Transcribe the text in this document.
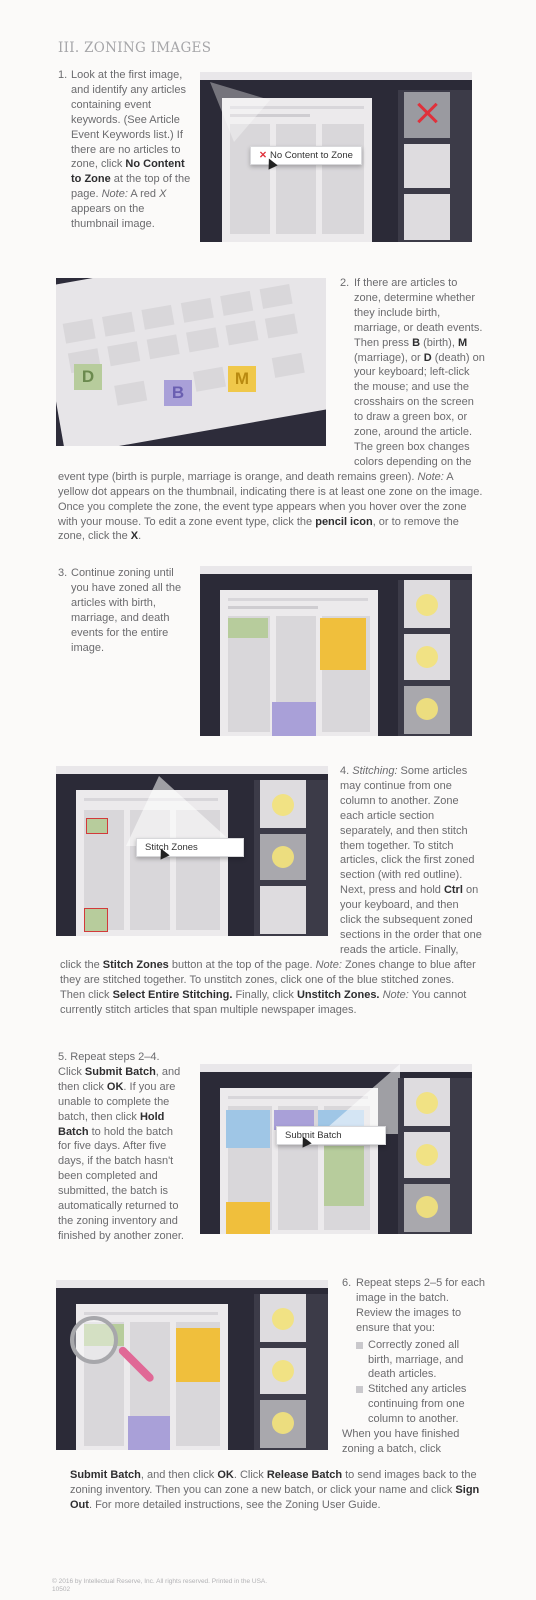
III. ZONING IMAGES
1. Look at the first image, and identify any articles containing event keywords. (See Article Event Keywords list.) If there are no articles to zone, click No Content to Zone at the top of the page. Note: A red X appears on the thumbnail image.
✕ No Content to Zone
D
B
M
2. If there are articles to zone, determine whether they include birth, marriage, or death events. Then press B (birth), M (marriage), or D (death) on your keyboard; left-click the mouse; and use the crosshairs on the screen to draw a green box, or zone, around the article. The green box changes colors depending on the event type (birth is purple, marriage is orange, and death remains green). Note: A yellow dot appears on the thumbnail, indicating there is at least one zone on the image. Once you complete the zone, the event type appears when you hover over the zone with your mouse. To edit a zone event type, click the pencil icon, or to remove the zone, click the X.
3. Continue zoning until you have zoned all the articles with birth, marriage, and death events for the entire image.
Stitch Zones
4. Stitching: Some articles may continue from one column to another. Zone each article section separately, and then stitch them together. To stitch articles, click the first zoned section (with red outline). Next, press and hold Ctrl on your keyboard, and then click the subsequent zoned sections in the order that one reads the article. Finally, click the Stitch Zones button at the top of the page. Note: Zones change to blue after they are stitched together. To unstitch zones, click one of the blue stitched zones. Then click Select Entire Stitching. Finally, click Unstitch Zones. Note: You cannot currently stitch articles that span multiple newspaper images.
5. Repeat steps 2–4. Click Submit Batch, and then click OK. If you are unable to complete the batch, then click Hold Batch to hold the batch for five days. After five days, if the batch hasn't been completed and submitted, the batch is automatically returned to the zoning inventory and finished by another zoner.
Submit Batch
6. Repeat steps 2–5 for each image in the batch. Review the images to ensure that you:
Correctly zoned all birth, marriage, and death articles.
Stitched any articles continuing from one column to another.
When you have finished zoning a batch, click
Submit Batch, and then click OK. Click Release Batch to send images back to the zoning inventory. Then you can zone a new batch, or click your name and click Sign Out. For more detailed instructions, see the Zoning User Guide.
© 2016 by Intellectual Reserve, Inc. All rights reserved. Printed in the USA.
10502
